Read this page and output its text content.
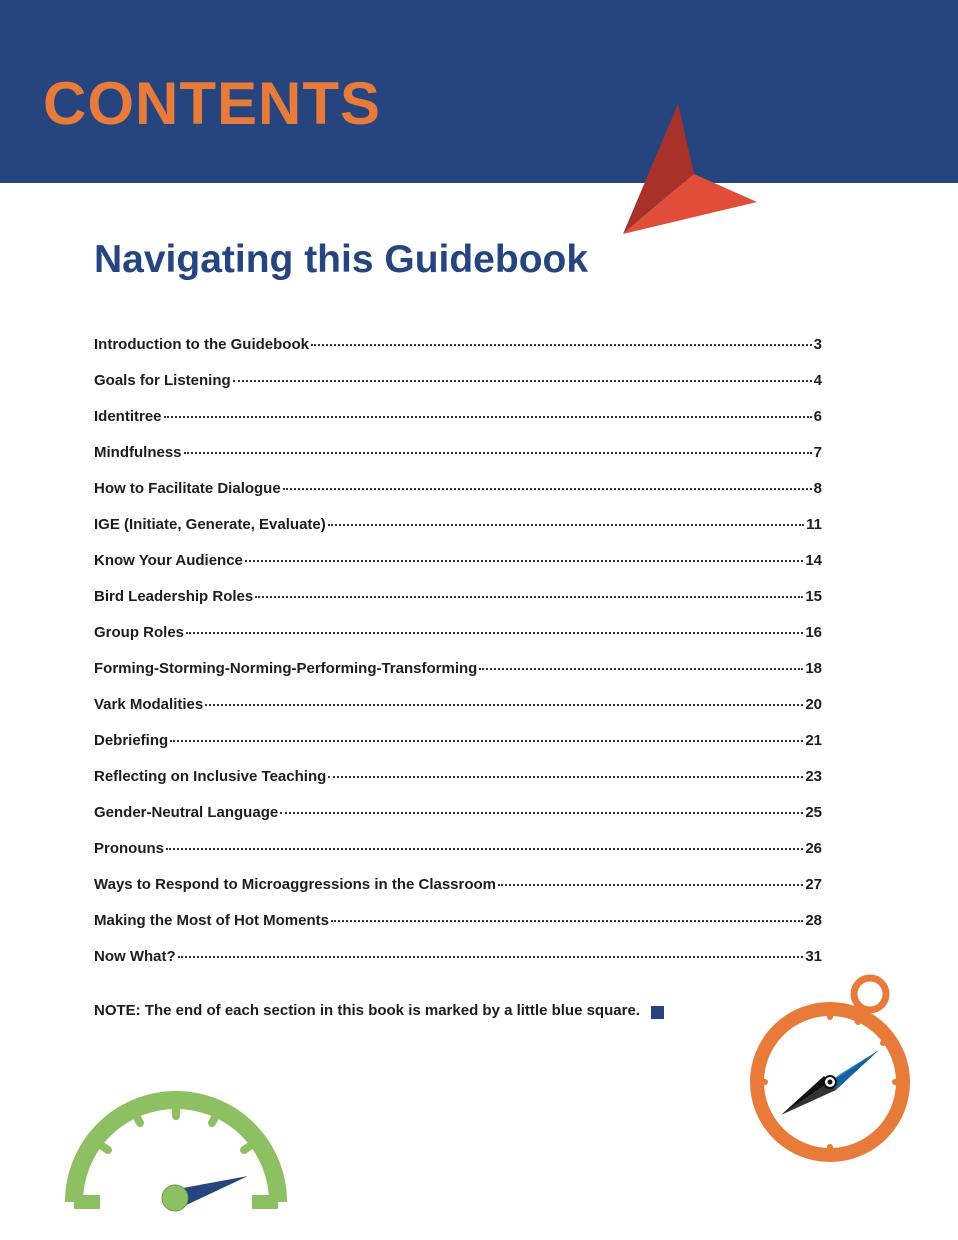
CONTENTS
Navigating this Guidebook
Introduction to the Guidebook	3
Goals for Listening	4
Identitree	6
Mindfulness	7
How to Facilitate Dialogue	8
IGE (Initiate, Generate, Evaluate)	11
Know Your Audience	14
Bird Leadership Roles	15
Group Roles	16
Forming-Storming-Norming-Performing-Transforming	18
Vark Modalities	20
Debriefing	21
Reflecting on Inclusive Teaching	23
Gender-Neutral Language	25
Pronouns	26
Ways to Respond to Microaggressions in the Classroom	27
Making the Most of Hot Moments	28
Now What?	31
NOTE: The end of each section in this book is marked by a little blue square.
